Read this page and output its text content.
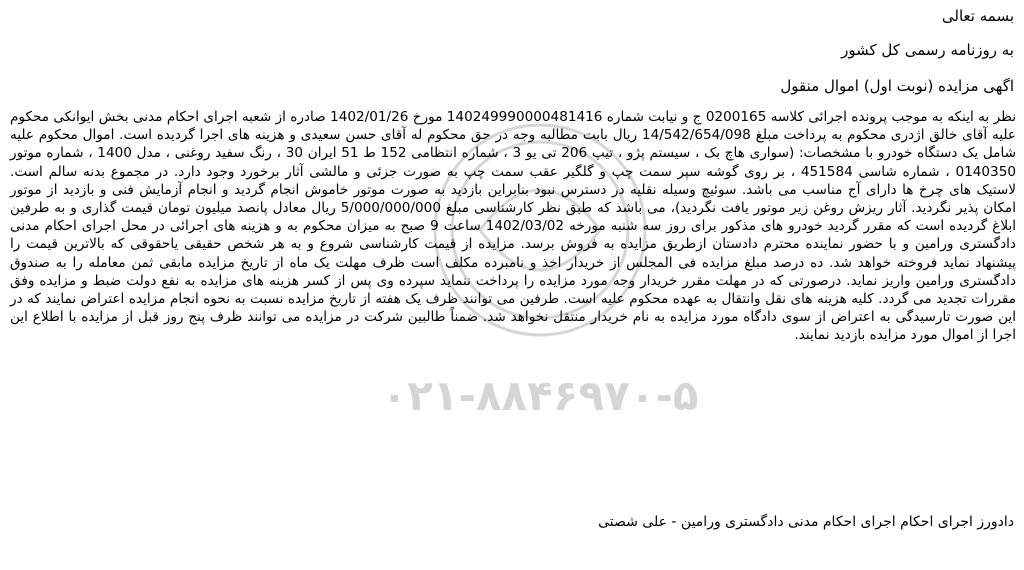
۰۲۱-۸۸۴۶۹۷۰-۵
بسمه تعالی
به روزنامه رسمی کل کشور
اگهی مزایده (نوبت اول) اموال منقول
نظر به اینکه به موجب پرونده اجرائی کلاسه 0200165 ج و نیابت شماره 140249990000481416 مورخ 1402/01/26 صادره از شعبه اجرای احکام مدنی بخش ایوانکی محکوم علیه آقای خالق اژدری محکوم به پرداخت مبلغ 14/542/654/098 ریال بابت مطالبه وجه در حق محکوم له آقای حسن سعیدی و هزینه های اجرا گردیده است. اموال محکوم علیه شامل یک دستگاه خودرو با مشخصات: (سواری هاچ بک ، سیستم پژو ، تیپ 206 تی یو 3 ، شماره انتظامی 152 ط 51 ایران 30 ، رنگ سفید روغنی ، مدل 1400 ، شماره موتور 0140350 ، شماره شاسی 451584 ، بر روی گوشه سپر سمت چپ و گلگیر عقب سمت چپ به صورت جزئی و مالشی آثار برخورد وجود دارد. در مجموع بدنه سالم است. لاستیک های چرخ ها دارای آج مناسب می باشد. سوئیچ وسیله نقلیه در دسترس نبود بنابراین بازدید به صورت موتور خاموش انجام گردید و انجام آزمایش فنی و بازدید از موتور امکان پذیر نگردید. آثار ریزش روغن زیر موتور یافت نگردید)، می باشد که طبق نظر کارشناسی مبلغ 5/000/000/000 ریال معادل پانصد میلیون تومان قیمت گذاری و به طرفین ابلاغ گردیده است که مقرر گردید خودرو های مذکور برای روز سه شنبه مورخه 1402/03/02 ساعت 9 صبح به میزان محکوم به و هزینه های اجرائی در محل اجرای احکام مدنی دادگستری ورامین و با حضور نماینده محترم دادستان ازطریق مزایده به فروش برسد. مزایده از قیمت کارشناسی شروع و به هر شخص حقیقی یاحقوقی که بالاترین قیمت را پیشنهاد نماید فروخته خواهد شد. ده درصد مبلغ مزایده فی المجلس از خریدار اخذ و نامبرده مکلف است ظرف مهلت یک ماه از تاریخ مزایده مابقی ثمن معامله را به صندوق دادگستری ورامین واریز نماید. درصورتی که در مهلت مقرر خریدار وجه مورد مزایده را پرداخت ننماید سپرده وی پس از کسر هزینه های مزایده به نفع دولت ضبط و مزایده وفق مقررات تجدید می گردد. کلیه هزینه های نقل وانتقال به عهده محکوم علیه است. طرفین می توانند ظرف یک هفته از تاریخ مزایده نسبت به نحوه انجام مزایده اعتراض نمایند که در این صورت تارسیدگی به اعتراض از سوی دادگاه مورد مزایده به نام خریدار منتقل نخواهد شد. ضمناً طالبین شرکت در مزایده می توانند ظرف پنج روز قبل از مزایده با اطلاع این اجرا از اموال مورد مزایده بازدید نمایند.
دادورز اجرای احکام اجرای احکام مدنی دادگستری ورامین - علی شصتی
